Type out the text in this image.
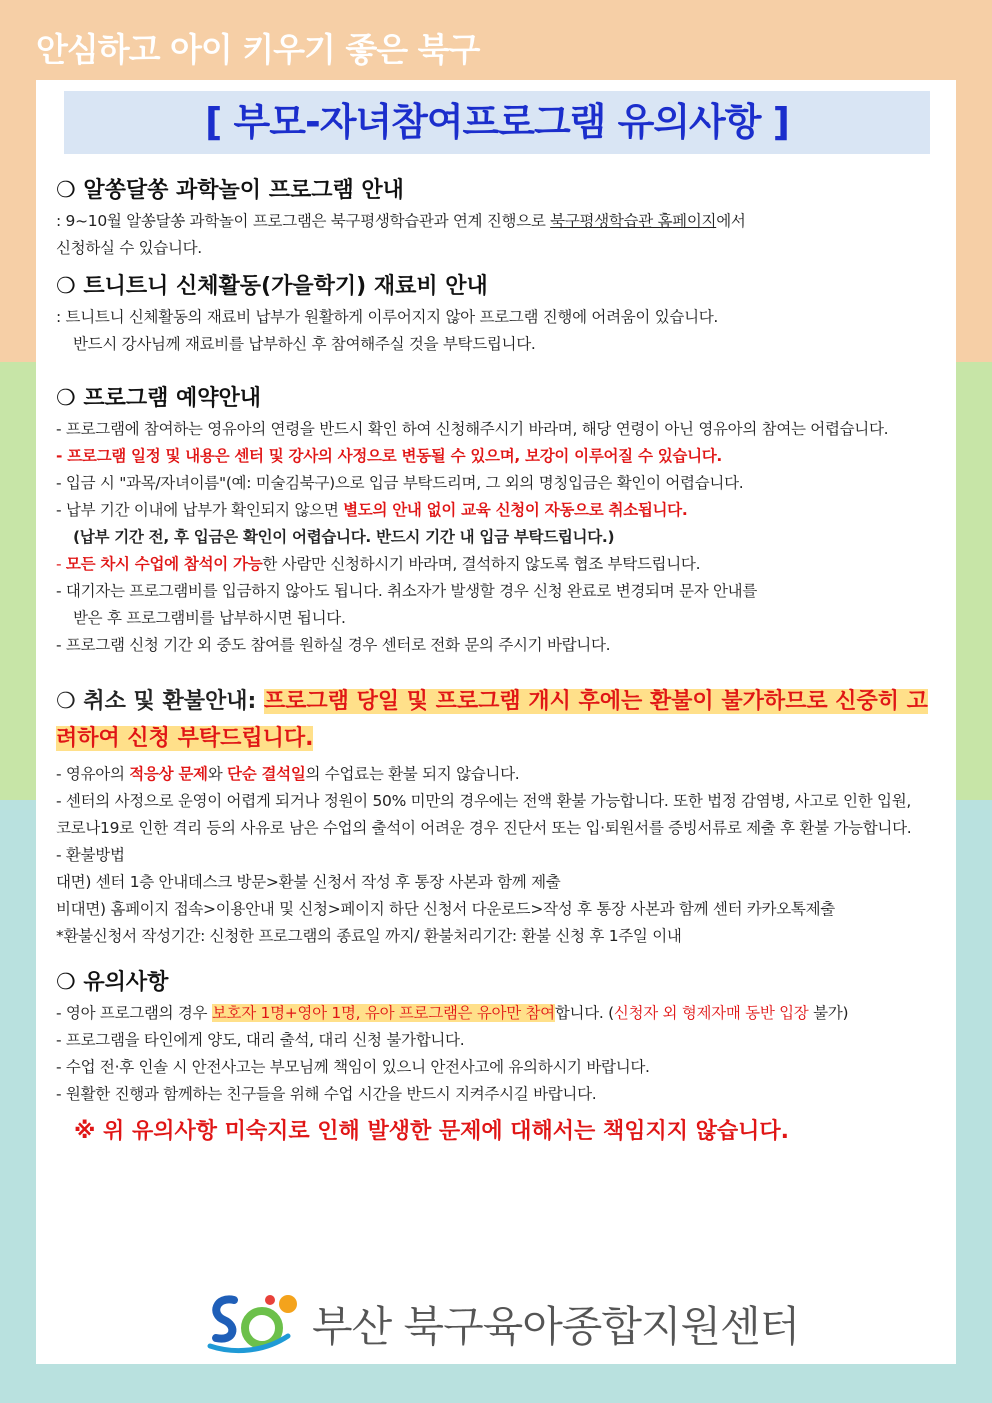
안심하고 아이 키우기 좋은 북구
[ 부모-자녀참여프로그램 유의사항 ]
❍ 알쏭달쏭 과학놀이 프로그램 안내
: 9~10월 알쏭달쏭 과학놀이 프로그램은 북구평생학습관과 연계 진행으로 북구평생학습관 홈페이지에서
신청하실 수 있습니다.
❍ 트니트니 신체활동(가을학기) 재료비 안내
: 트니트니 신체활동의 재료비 납부가 원활하게 이루어지지 않아 프로그램 진행에 어려움이 있습니다.
반드시 강사님께 재료비를 납부하신 후 참여해주실 것을 부탁드립니다.
❍ 프로그램 예약안내
- 프로그램에 참여하는 영유아의 연령을 반드시 확인 하여 신청해주시기 바라며, 해당 연령이 아닌 영유아의 참여는 어렵습니다.
- 프로그램 일정 및 내용은 센터 및 강사의 사정으로 변동될 수 있으며, 보강이 이루어질 수 있습니다.
- 입금 시 "과목/자녀이름"(예: 미술김북구)으로 입금 부탁드리며, 그 외의 명칭입금은 확인이 어렵습니다.
- 납부 기간 이내에 납부가 확인되지 않으면 별도의 안내 없이 교육 신청이 자동으로 취소됩니다.
(납부 기간 전, 후 입금은 확인이 어렵습니다. 반드시 기간 내 입금 부탁드립니다.)
- 모든 차시 수업에 참석이 가능한 사람만 신청하시기 바라며, 결석하지 않도록 협조 부탁드립니다.
- 대기자는 프로그램비를 입금하지 않아도 됩니다. 취소자가 발생할 경우 신청 완료로 변경되며 문자 안내를
받은 후 프로그램비를 납부하시면 됩니다.
- 프로그램 신청 기간 외 중도 참여를 원하실 경우 센터로 전화 문의 주시기 바랍니다.
❍ 취소 및 환불안내: 프로그램 당일 및 프로그램 개시 후에는 환불이 불가하므로 신중히 고려하여 신청 부탁드립니다.
- 영유아의 적응상 문제와 단순 결석일의 수업료는 환불 되지 않습니다.
- 센터의 사정으로 운영이 어렵게 되거나 정원이 50% 미만의 경우에는 전액 환불 가능합니다. 또한 법정 감염병, 사고로 인한 입원, 코로나19로 인한 격리 등의 사유로 남은 수업의 출석이 어려운 경우 진단서 또는 입·퇴원서를 증빙서류로 제출 후 환불 가능합니다.
- 환불방법
대면) 센터 1층 안내데스크 방문>환불 신청서 작성 후 통장 사본과 함께 제출
비대면) 홈페이지 접속>이용안내 및 신청>페이지 하단 신청서 다운로드>작성 후 통장 사본과 함께 센터 카카오톡제출
*환불신청서 작성기간: 신청한 프로그램의 종료일 까지/ 환불처리기간: 환불 신청 후 1주일 이내
❍ 유의사항
- 영아 프로그램의 경우 보호자 1명+영아 1명, 유아 프로그램은 유아만 참여합니다. (신청자 외 형제자매 동반 입장 불가)
- 프로그램을 타인에게 양도, 대리 출석, 대리 신청 불가합니다.
- 수업 전·후 인솔 시 안전사고는 부모님께 책임이 있으니 안전사고에 유의하시기 바랍니다.
- 원활한 진행과 함께하는 친구들을 위해 수업 시간을 반드시 지켜주시길 바랍니다.
※ 위 유의사항 미숙지로 인해 발생한 문제에 대해서는 책임지지 않습니다.
부산 북구육아종합지원센터
